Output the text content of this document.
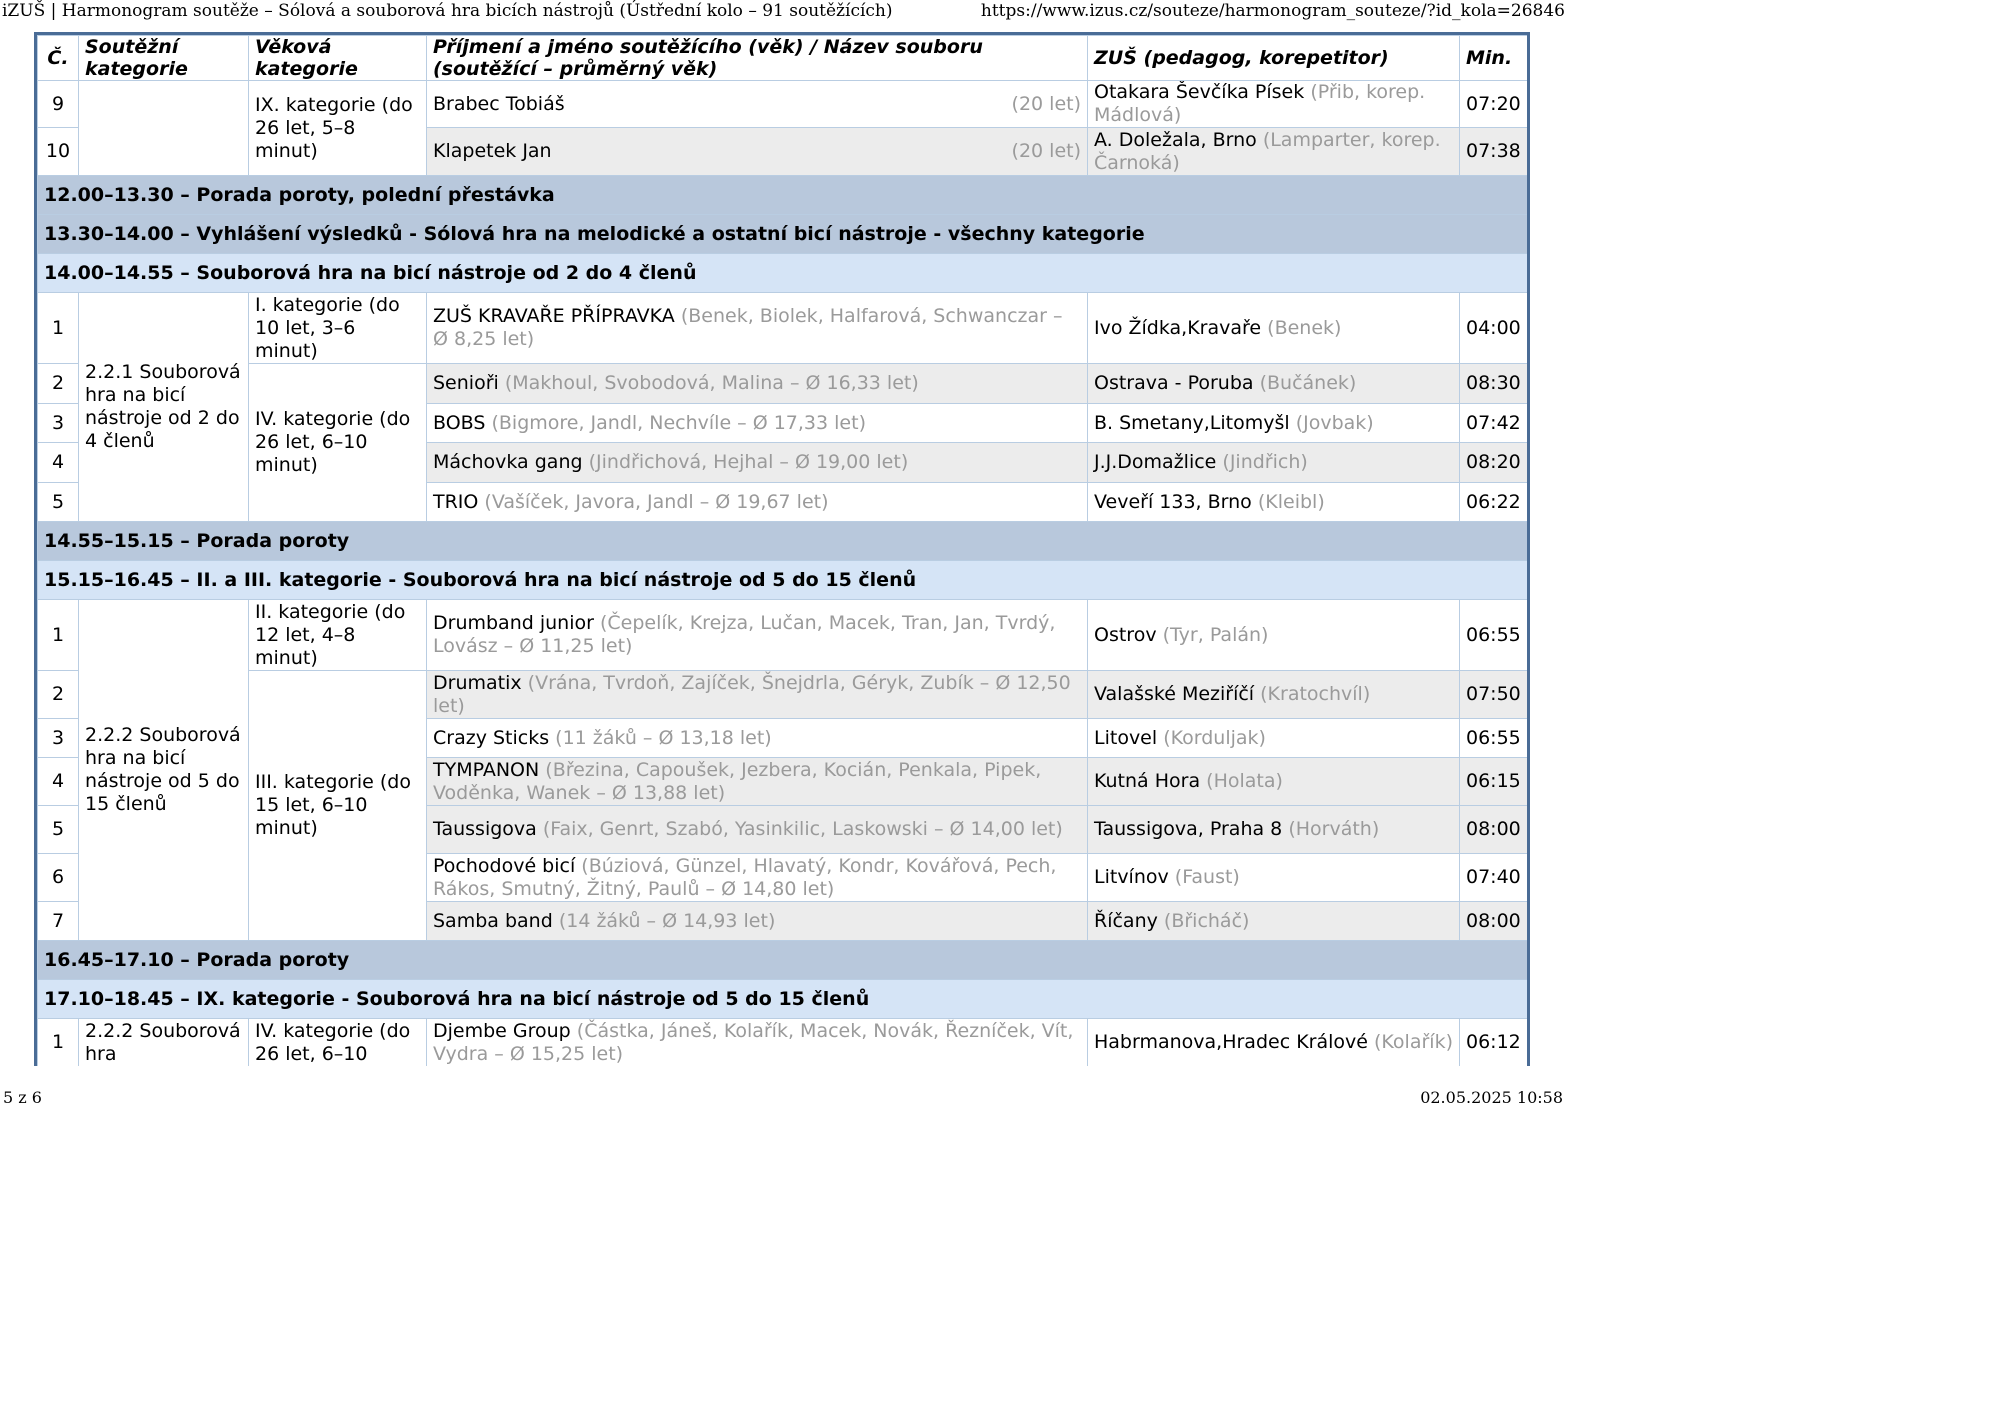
iZUŠ | Harmonogram soutěže – Sólová a souborová hra bicích nástrojů (Ústřední kolo – 91 soutěžících)	https://www.izus.cz/souteze/harmonogram_souteze/?id_kola=26846
Č.	Soutěžní kategorie	Věková kategorie	Příjmení a jméno soutěžícího (věk) / Název souboru (soutěžící – průměrný věk)	ZUŠ (pedagog, korepetitor)	Min.
9		IX. kategorie (do 26 let, 5–8 minut)	Brabec Tobiáš (20 let)	Otakara Ševčíka Písek (Přib, korep. Mádlová)	07:20
10			Klapetek Jan (20 let)	A. Doležala, Brno (Lamparter, korep. Čarnoká)	07:38
12.00–13.30 – Porada poroty, polední přestávka					
13.30–14.00 – Vyhlášení výsledků - Sólová hra na melodické a ostatní bicí nástroje - všechny kategorie					
14.00–14.55 – Souborová hra na bicí nástroje od 2 do 4 členů					
1	2.2.1 Souborová hra na bicí nástroje od 2 do 4 členů	I. kategorie (do 10 let, 3–6 minut)	ZUŠ KRAVAŘE PŘÍPRAVKA (Benek, Biolek, Halfarová, Schwanczar – Ø 8,25 let)	Ivo Žídka,Kravaře (Benek)	04:00
2		IV. kategorie (do 26 let, 6–10 minut)	Senioři (Makhoul, Svobodová, Malina – Ø 16,33 let)	Ostrava - Poruba (Bučánek)	08:30
3			BOBS (Bigmore, Jandl, Nechvíle – Ø 17,33 let)	B. Smetany,Litomyšl (Jovbak)	07:42
4			Máchovka gang (Jindřichová, Hejhal – Ø 19,00 let)	J.J.Domažlice (Jindřich)	08:20
5			TRIO (Vašíček, Javora, Jandl – Ø 19,67 let)	Veveří 133, Brno (Kleibl)	06:22
14.55–15.15 – Porada poroty					
15.15–16.45 – II. a III. kategorie - Souborová hra na bicí nástroje od 5 do 15 členů					
1	2.2.2 Souborová hra na bicí nástroje od 5 do 15 členů	II. kategorie (do 12 let, 4–8 minut)	Drumband junior (Čepelík, Krejza, Lučan, Macek, Tran, Jan, Tvrdý, Lovász – Ø 11,25 let)	Ostrov (Tyr, Palán)	06:55
2		III. kategorie (do 15 let, 6–10 minut)	Drumatix (Vrána, Tvrdoň, Zajíček, Šnejdrla, Géryk, Zubík – Ø 12,50 let)	Valašské Meziříčí (Kratochvíl)	07:50
3			Crazy Sticks (11 žáků – Ø 13,18 let)	Litovel (Korduljak)	06:55
4			TYMPANON (Březina, Capoušek, Jezbera, Kocián, Penkala, Pipek, Voděnka, Wanek – Ø 13,88 let)	Kutná Hora (Holata)	06:15
5			Taussigova (Faix, Genrt, Szabó, Yasinkilic, Laskowski – Ø 14,00 let)	Taussigova, Praha 8 (Horváth)	08:00
6			Pochodové bicí (Búziová, Günzel, Hlavatý, Kondr, Kovářová, Pech, Rákos, Smutný, Žitný, Paulů – Ø 14,80 let)	Litvínov (Faust)	07:40
7			Samba band (14 žáků – Ø 14,93 let)	Říčany (Břicháč)	08:00
16.45–17.10 – Porada poroty					
17.10–18.45 – IX. kategorie - Souborová hra na bicí nástroje od 5 do 15 členů					
1	2.2.2 Souborová hra	IV. kategorie (do 26 let, 6–10	Djembe Group (Částka, Jáneš, Kolařík, Macek, Novák, Řezníček, Vít, Vydra – Ø 15,25 let)	Habrmanova,Hradec Králové (Kolařík)	06:12
5 z 6	02.05.2025 10:58
